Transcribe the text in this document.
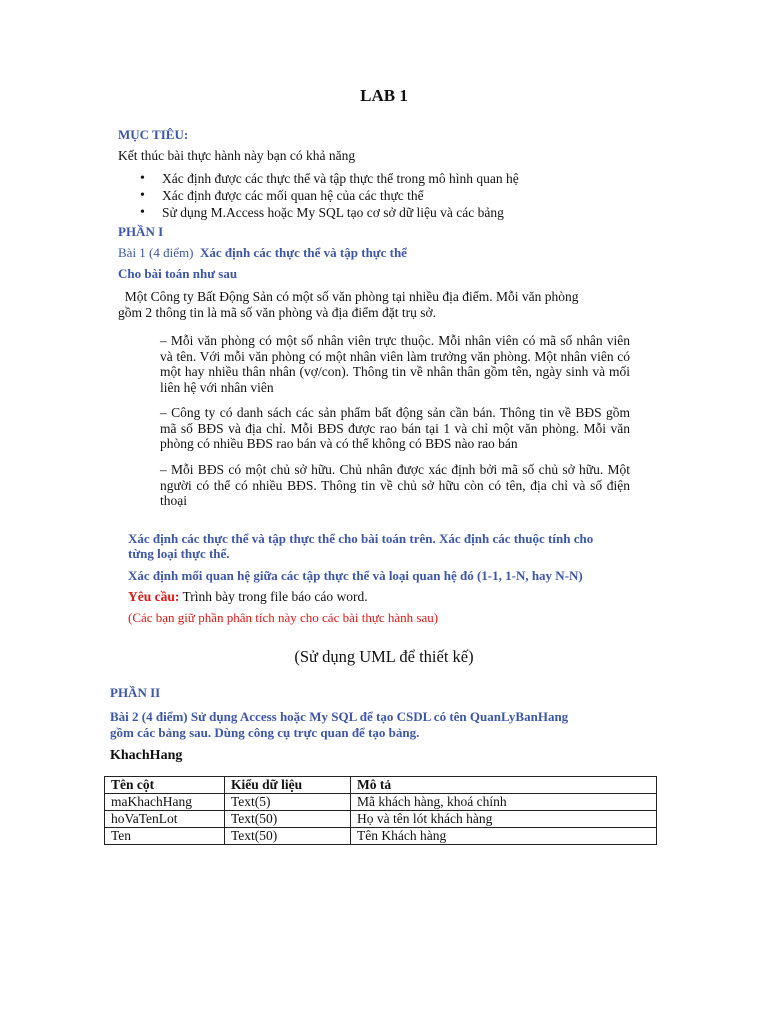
LAB 1
MỤC TIÊU:
Kết thúc bài thực hành này bạn có khả năng
• Xác định được các thực thể và tập thực thể trong mô hình quan hệ
• Xác định được các mối quan hệ của các thực thể
• Sử dụng M.Access hoặc My SQL tạo cơ sở dữ liệu và các bảng
PHẦN I
Bài 1 (4 điểm) Xác định các thực thể và tập thực thể
Cho bài toán như sau
Một Công ty Bất Động Sản có một số văn phòng tại nhiều địa điểm. Mỗi văn phòng
gồm 2 thông tin là mã số văn phòng và địa điểm đặt trụ sở.
– Mỗi văn phòng có một số nhân viên trực thuộc. Mỗi nhân viên có mã số nhân viên và tên. Với mỗi văn phòng có một nhân viên làm trưởng văn phòng. Một nhân viên có một hay nhiều thân nhân (vợ/con). Thông tin về nhân thân gồm tên, ngày sinh và mối liên hệ với nhân viên
– Công ty có danh sách các sản phẩm bất động sản cần bán. Thông tin về BĐS gồm mã số BĐS và địa chỉ. Mỗi BĐS được rao bán tại 1 và chỉ một văn phòng. Mỗi văn phòng có nhiều BĐS rao bán và có thể không có BĐS nào rao bán
– Mỗi BĐS có một chủ sở hữu. Chủ nhân được xác định bởi mã số chủ sở hữu. Một người có thể có nhiều BĐS. Thông tin về chủ sở hữu còn có tên, địa chỉ và số điện thoại
Xác định các thực thể và tập thực thể cho bài toán trên. Xác định các thuộc tính cho
từng loại thực thể.
Xác định mối quan hệ giữa các tập thực thể và loại quan hệ đó (1-1, 1-N, hay N-N)
Yêu cầu: Trình bày trong file báo cáo word.
(Các bạn giữ phần phân tích này cho các bài thực hành sau)
(Sử dụng UML để thiết kế)
PHẦN II
Bài 2 (4 điểm) Sử dụng Access hoặc My SQL để tạo CSDL có tên QuanLyBanHang
gồm các bảng sau. Dùng công cụ trực quan để tạo bảng.
KhachHang
Tên cột	Kiểu dữ liệu	Mô tả
maKhachHang	Text(5)	Mã khách hàng, khoá chính
hoVaTenLot	Text(50)	Họ và tên lót khách hàng
Ten	Text(50)	Tên Khách hàng
